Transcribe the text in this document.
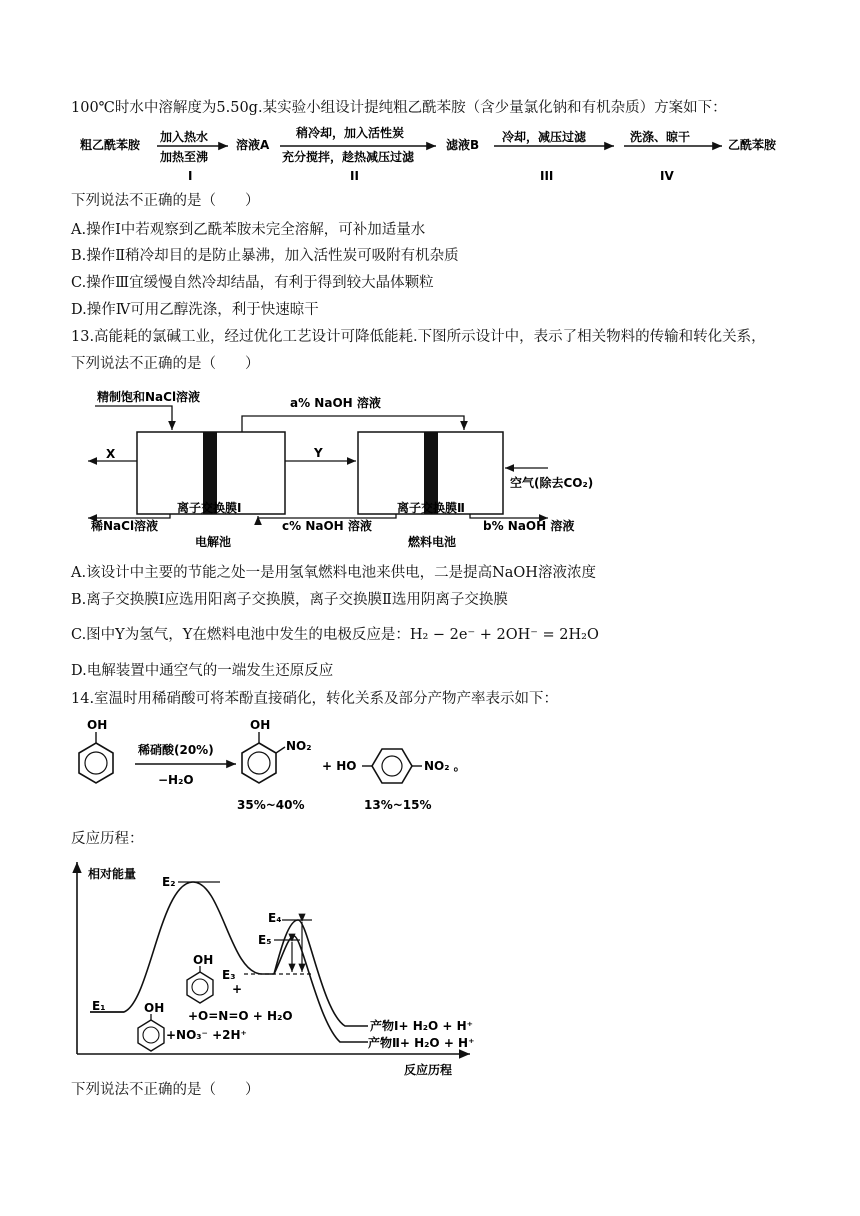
100℃时水中溶解度为5.50g.某实验小组设计提纯粗乙酰苯胺（含少量氯化钠和有机杂质）方案如下：
粗乙酰苯胺
加入热水
加热至沸
I
溶液A
稍冷却，加入活性炭
充分搅拌，趁热减压过滤
II
滤液B
冷却，减压过滤
III
洗涤、晾干
IV
乙酰苯胺
下列说法不正确的是（　　）
A.操作Ⅰ中若观察到乙酰苯胺未完全溶解，可补加适量水
B.操作Ⅱ稍冷却目的是防止暴沸，加入活性炭可吸附有机杂质
C.操作Ⅲ宜缓慢自然冷却结晶，有利于得到较大晶体颗粒
D.操作Ⅳ可用乙醇洗涤，利于快速晾干
13.高能耗的氯碱工业，经过优化工艺设计可降低能耗.下图所示设计中，表示了相关物料的传输和转化关系，
下列说法不正确的是（　　）
精制饱和NaCl溶液	a% NaOH 溶液
X	Y
空气(除去CO₂)
稀NaCl溶液
离子交换膜Ⅰ
c% NaOH 溶液
离子交换膜Ⅱ
b% NaOH 溶液
电解池	燃料电池
A.该设计中主要的节能之处一是用氢氧燃料电池来供电，二是提高NaOH溶液浓度
B.离子交换膜Ⅰ应选用阳离子交换膜，离子交换膜Ⅱ选用阴离子交换膜
C.图中Y为氢气，Y在燃料电池中发生的电极反应是：H₂ − 2e⁻ + 2OH⁻ = 2H₂O
D.电解装置中通空气的一端发生还原反应
14.室温时用稀硝酸可将苯酚直接硝化，转化关系及部分产物产率表示如下：
OH
稀硝酸(20%)
−H₂O
OH
NO₂
35%~40%
+ HO	NO₂ 。
13%~15%
反应历程：
相对能量
反应历程
E₁
E₂
E₃
E₄
E₅
OH
+
+O=N=O + H₂O
OH
+NO₃⁻ +2H⁺
产物Ⅰ+ H₂O + H⁺
产物Ⅱ+ H₂O + H⁺
下列说法不正确的是（　　）
